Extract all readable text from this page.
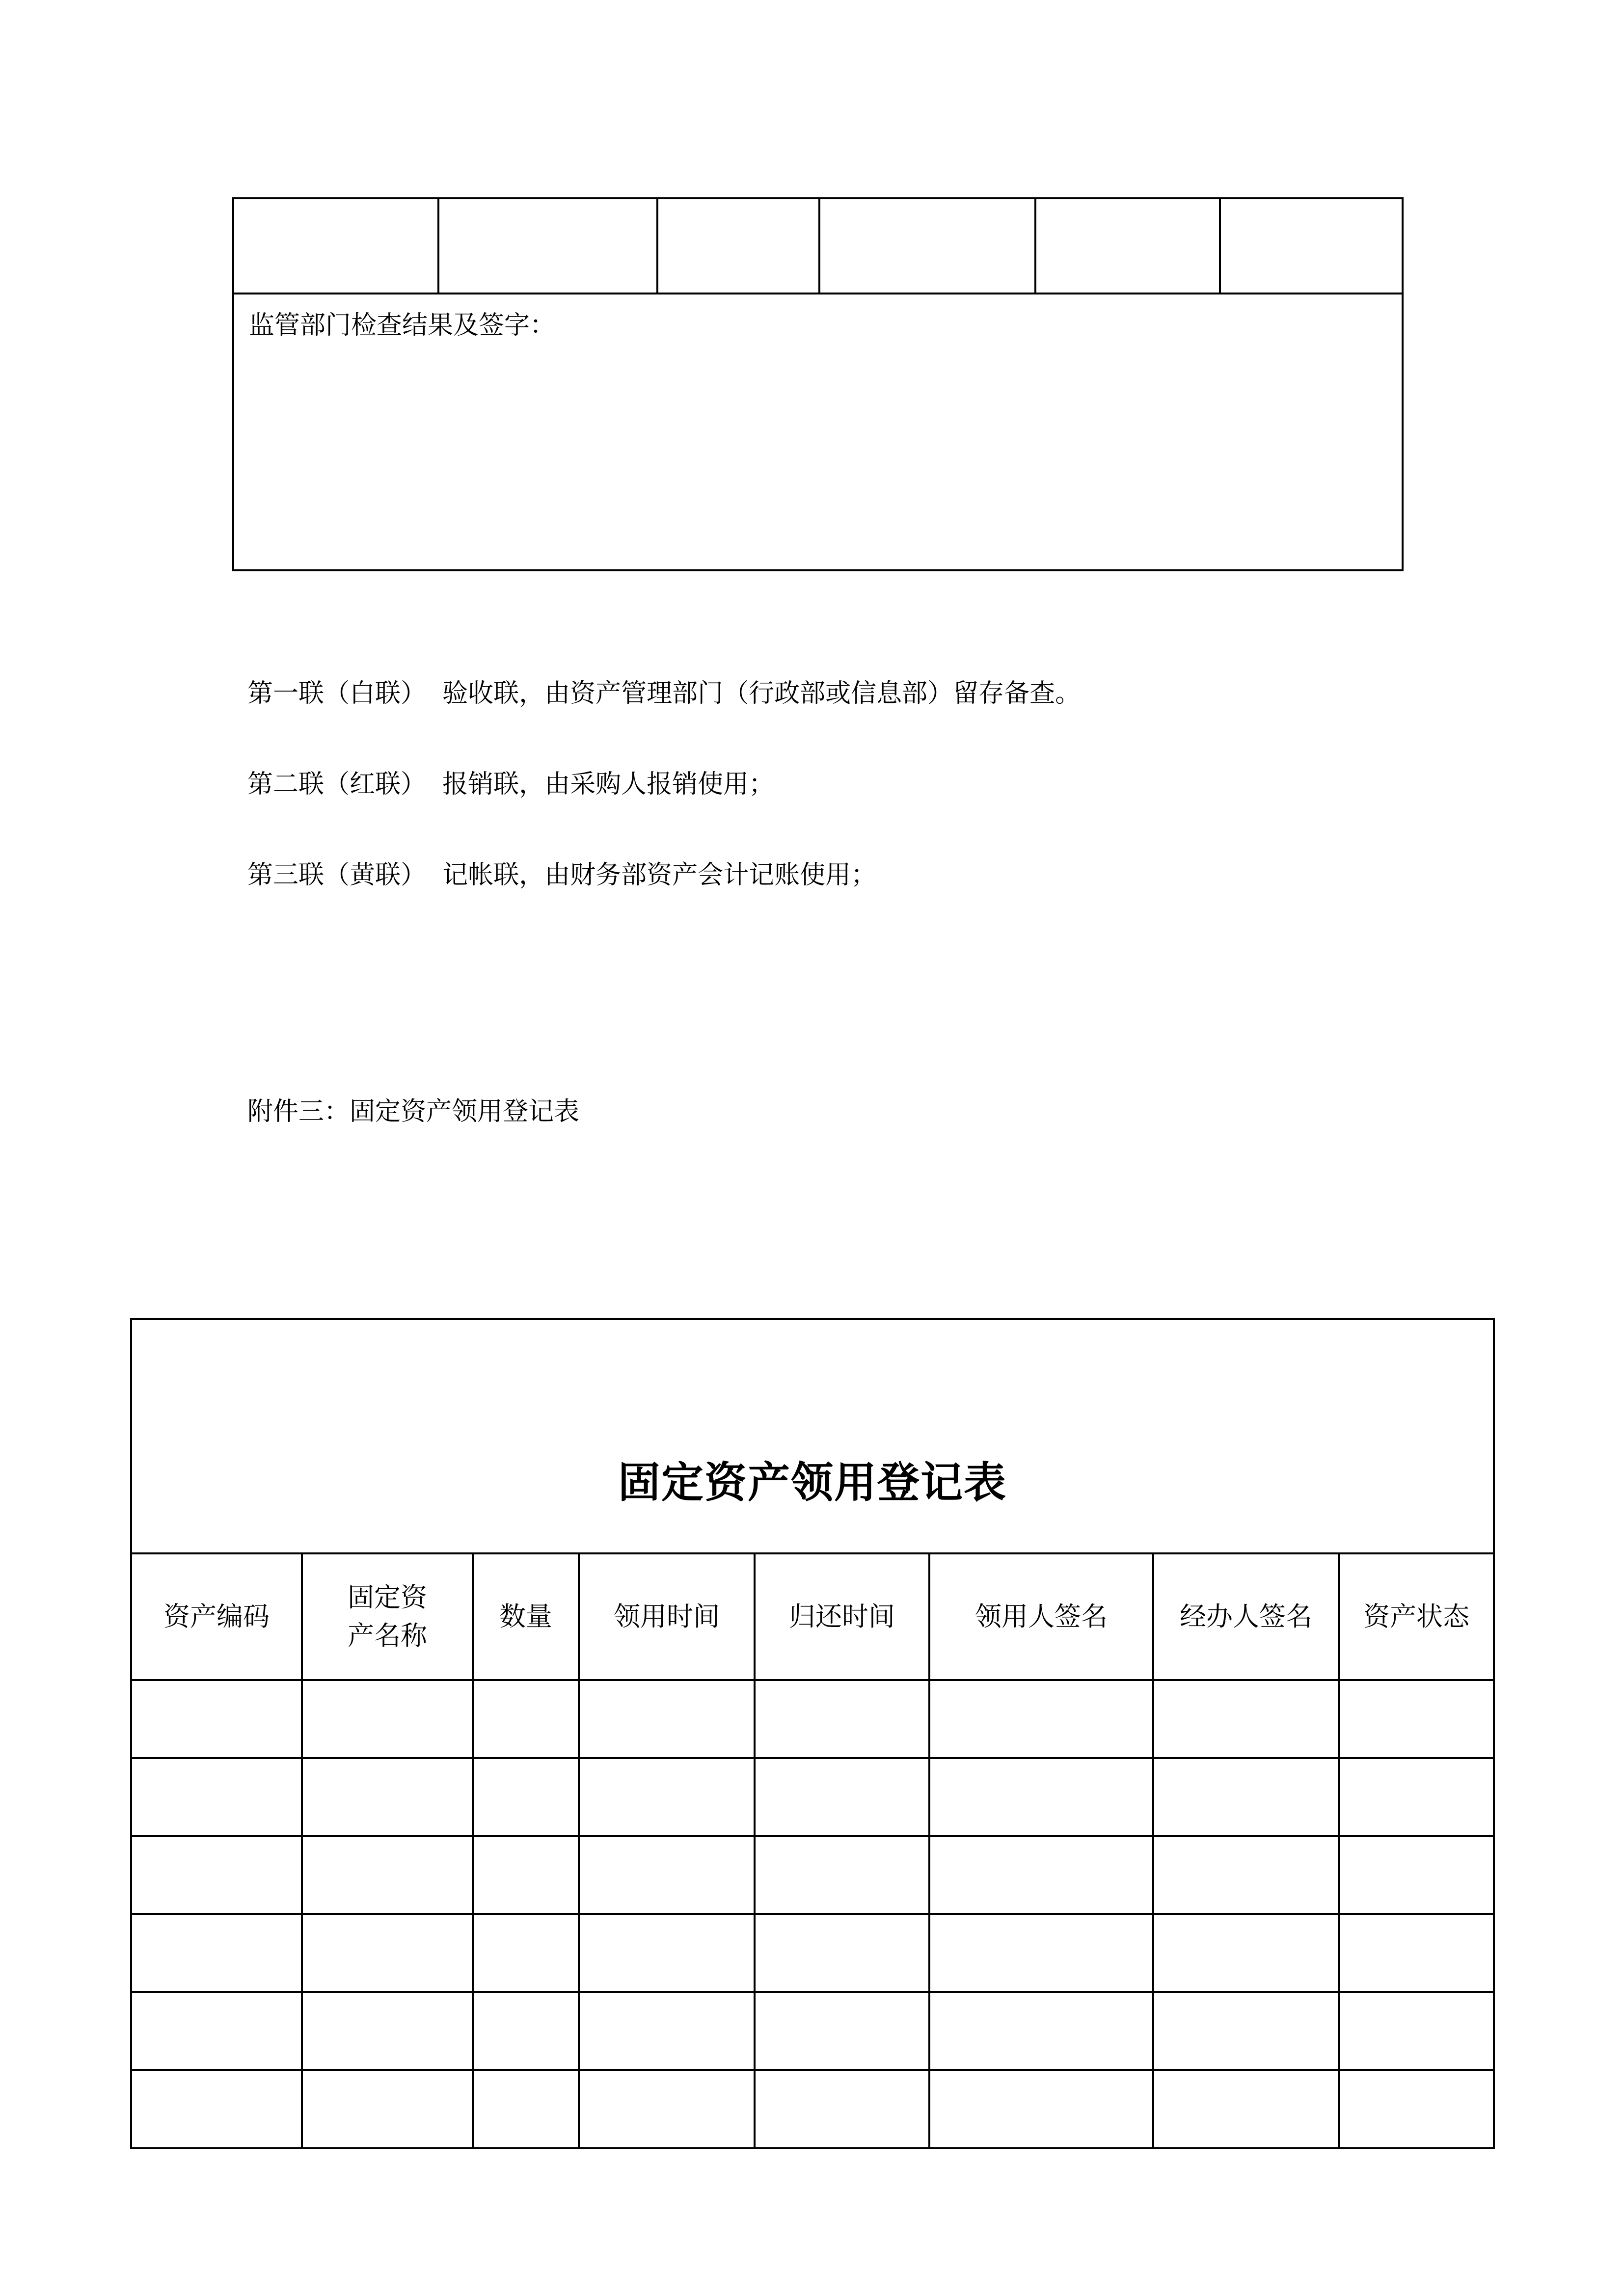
监管部门检查结果及签字：
第一联（白联） 验收联，由资产管理部门（行政部或信息部）留存备查。
第二联（红联） 报销联，由采购人报销使用；
第三联（黄联） 记帐联，由财务部资产会计记账使用；
附件三：固定资产领用登记表
固定资产领用登记表							
资产编码	固定资产名称	数量	领用时间	归还时间	领用人签名	经办人签名	资产状态
